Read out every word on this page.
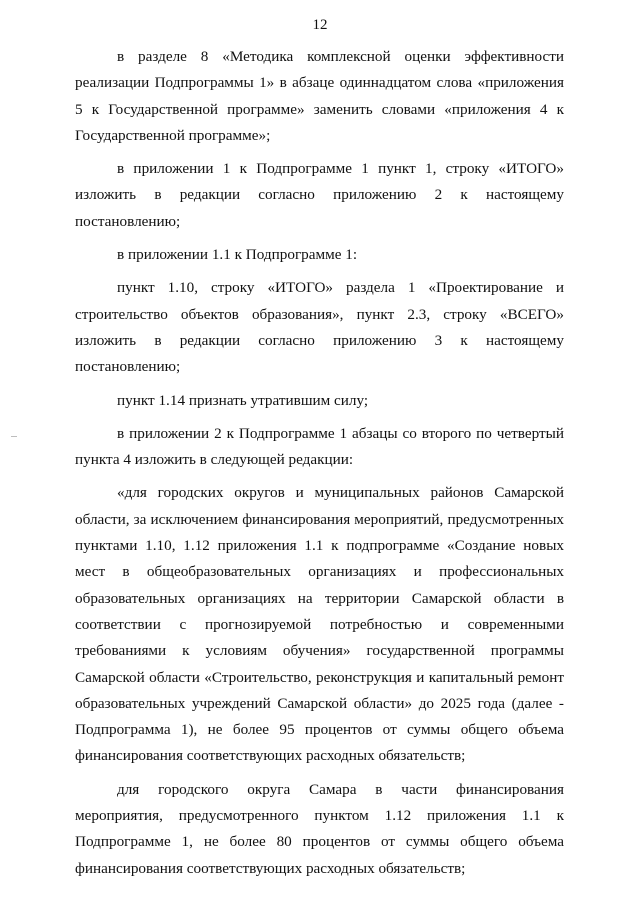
12

в разделе 8 «Методика комплексной оценки эффективности реализации Подпрограммы 1» в абзаце одиннадцатом слова «приложения 5 к Государственной программе» заменить словами «приложения 4 к Государственной программе»;

в приложении 1 к Подпрограмме 1 пункт 1, строку «ИТОГО» изложить в редакции согласно приложению 2 к настоящему постановлению;

в приложении 1.1 к Подпрограмме 1:

пункт 1.10, строку «ИТОГО» раздела 1 «Проектирование и строительство объектов образования», пункт 2.3, строку «ВСЕГО» изложить в редакции согласно приложению 3 к настоящему постановлению;

пункт 1.14 признать утратившим силу;

в приложении 2 к Подпрограмме 1 абзацы со второго по четвертый пункта 4 изложить в следующей редакции:

«для городских округов и муниципальных районов Самарской области, за исключением финансирования мероприятий, предусмотренных пунктами 1.10, 1.12 приложения 1.1 к подпрограмме «Создание новых мест в общеобразовательных организациях и профессиональных образовательных организациях на территории Самарской области в соответствии с прогнозируемой потребностью и современными требованиями к условиям обучения» государственной программы Самарской области «Строительство, реконструкция и капитальный ремонт образовательных учреждений Самарской области» до 2025 года (далее - Подпрограмма 1), не более 95 процентов от суммы общего объема финансирования соответствующих расходных обязательств;

для городского округа Самара в части финансирования мероприятия, предусмотренного пунктом 1.12 приложения 1.1 к Подпрограмме 1, не более 80 процентов от суммы общего объема финансирования соответствующих расходных обязательств;
